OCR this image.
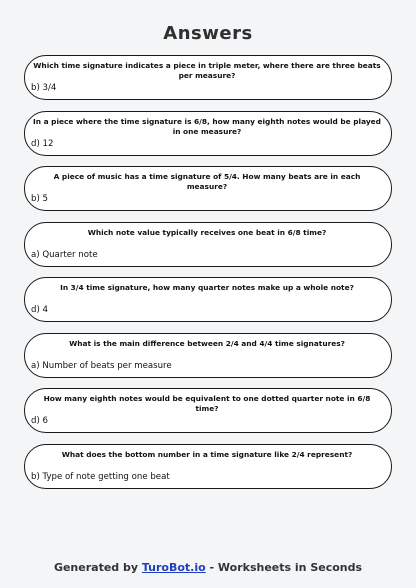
Answers

Which time signature indicates a piece in triple meter, where there are three beats per measure?

b) 3/4

In a piece where the time signature is 6/8, how many eighth notes would be played in one measure?

d) 12

A piece of music has a time signature of 5/4. How many beats are in each measure?

b) 5

Which note value typically receives one beat in 6/8 time?

a) Quarter note

In 3/4 time signature, how many quarter notes make up a whole note?

d) 4

What is the main difference between 2/4 and 4/4 time signatures?

a) Number of beats per measure

How many eighth notes would be equivalent to one dotted quarter note in 6/8 time?

d) 6

What does the bottom number in a time signature like 2/4 represent?

b) Type of note getting one beat
Generated by TuroBot.io - Worksheets in Seconds
